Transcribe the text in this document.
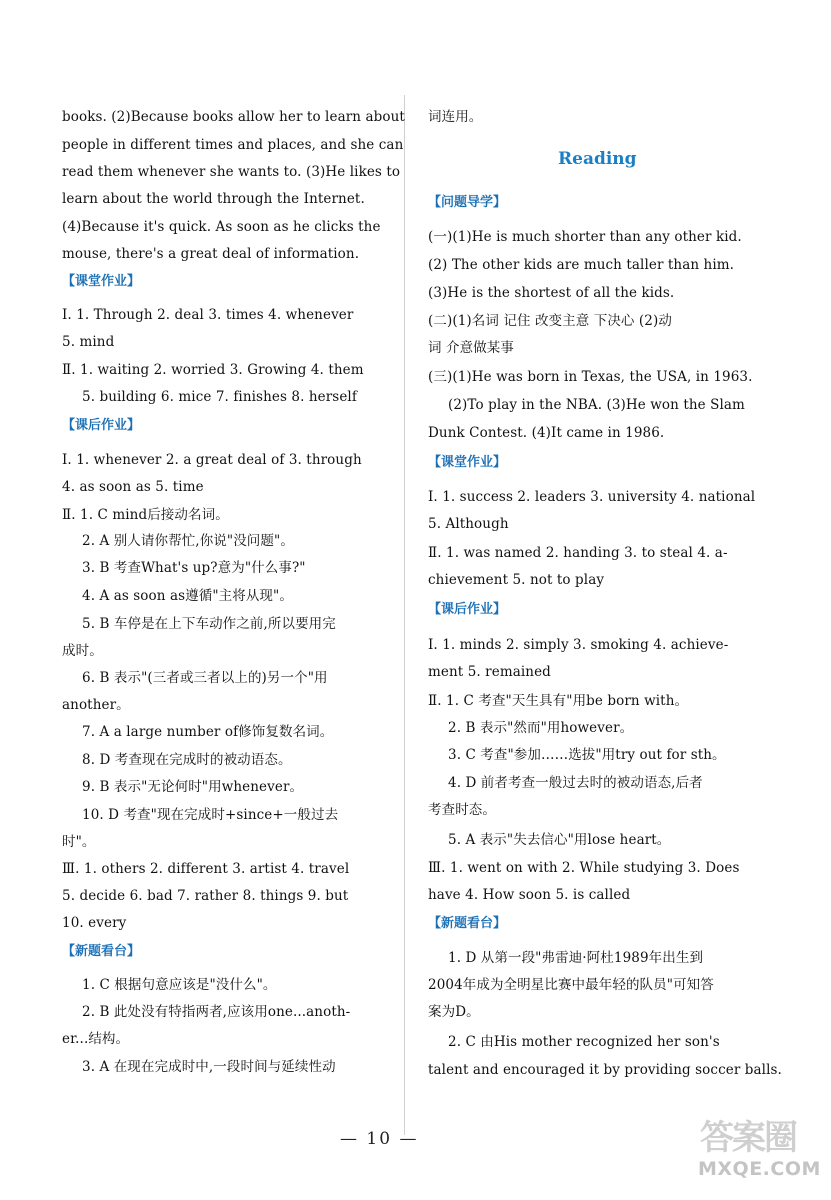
books. (2)Because books allow her to learn about
people in different times and places, and she can
read them whenever she wants to. (3)He likes to
learn about the world through the Internet.
(4)Because it's quick. As soon as he clicks the
mouse, there's a great deal of information.
【课堂作业】
Ⅰ. 1. Through 2. deal 3. times 4. whenever
5. mind
Ⅱ. 1. waiting 2. worried 3. Growing 4. them
5. building 6. mice 7. finishes 8. herself
【课后作业】
Ⅰ. 1. whenever 2. a great deal of 3. through
4. as soon as 5. time
Ⅱ. 1. C mind后接动名词。
2. A 别人请你帮忙,你说"没问题"。
3. B 考查What's up?意为"什么事?"
4. A as soon as遵循"主将从现"。
5. B 车停是在上下车动作之前,所以要用完
成时。
6. B 表示"(三者或三者以上的)另一个"用
another。
7. A a large number of修饰复数名词。
8. D 考查现在完成时的被动语态。
9. B 表示"无论何时"用whenever。
10. D 考查"现在完成时+since+一般过去
时"。
Ⅲ. 1. others 2. different 3. artist 4. travel
5. decide 6. bad 7. rather 8. things 9. but
10. every
【新题看台】
1. C 根据句意应该是"没什么"。
2. B 此处没有特指两者,应该用one...anoth-
er...结构。
3. A 在现在完成时中,一段时间与延续性动
词连用。
Reading
【问题导学】
(一)(1)He is much shorter than any other kid.
(2) The other kids are much taller than him.
(3)He is the shortest of all the kids.
(二)(1)名词 记住 改变主意 下决心 (2)动
词 介意做某事
(三)(1)He was born in Texas, the USA, in 1963.
(2)To play in the NBA. (3)He won the Slam
Dunk Contest. (4)It came in 1986.
【课堂作业】
Ⅰ. 1. success 2. leaders 3. university 4. national
5. Although
Ⅱ. 1. was named 2. handing 3. to steal 4. a-
chievement 5. not to play
【课后作业】
Ⅰ. 1. minds 2. simply 3. smoking 4. achieve-
ment 5. remained
Ⅱ. 1. C 考查"天生具有"用be born with。
2. B 表示"然而"用however。
3. C 考查"参加……选拔"用try out for sth。
4. D 前者考查一般过去时的被动语态,后者
考查时态。
5. A 表示"失去信心"用lose heart。
Ⅲ. 1. went on with 2. While studying 3. Does
have 4. How soon 5. is called
【新题看台】
1. D 从第一段"弗雷迪·阿杜1989年出生到
2004年成为全明星比赛中最年轻的队员"可知答
案为D。
2. C 由His mother recognized her son's
talent and encouraged it by providing soccer balls.
— 10 —	答案圈
MXQE.COM
